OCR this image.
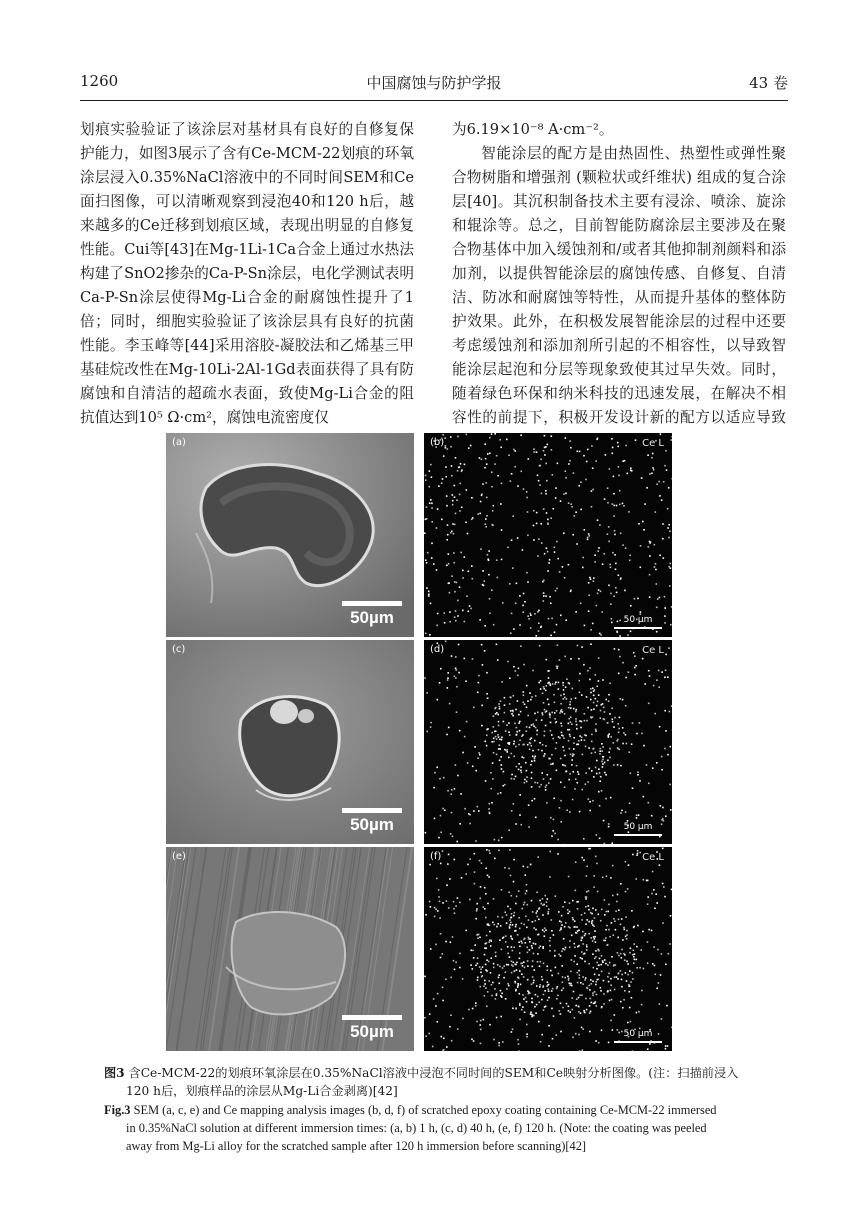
1260	中国腐蚀与防护学报	43 卷

划痕实验验证了该涂层对基材具有良好的自修复保护能力，如图3展示了含有Ce-MCM-22划痕的环氧涂层浸入0.35%NaCl溶液中的不同时间SEM和Ce面扫图像，可以清晰观察到浸泡40和120 h后，越来越多的Ce迁移到划痕区域，表现出明显的自修复性能。Cui等[43]在Mg-1Li-1Ca合金上通过水热法构建了SnO2掺杂的Ca-P-Sn涂层，电化学测试表明Ca-P-Sn涂层使得Mg-Li合金的耐腐蚀性提升了1倍；同时，细胞实验验证了该涂层具有良好的抗菌性能。李玉峰等[44]采用溶胶-凝胶法和乙烯基三甲基硅烷改性在Mg-10Li-2Al-1Gd表面获得了具有防腐蚀和自清洁的超疏水表面，致使Mg-Li合金的阻抗值达到10⁵ Ω·cm²，腐蚀电流密度仅

为6.19×10⁻⁸ A·cm⁻²。

智能涂层的配方是由热固性、热塑性或弹性聚合物树脂和增强剂 (颗粒状或纤维状) 组成的复合涂层[40]。其沉积制备技术主要有浸涂、喷涂、旋涂和辊涂等。总之，目前智能防腐涂层主要涉及在聚合物基体中加入缓蚀剂和/或者其他抑制剂颜料和添加剂，以提供智能涂层的腐蚀传感、自修复、自清洁、防冰和耐腐蚀等特性，从而提升基体的整体防护效果。此外，在积极发展智能涂层的过程中还要考虑缓蚀剂和添加剂所引起的不相容性，以导致智能涂层起泡和分层等现象致使其过早失效。同时，随着绿色环保和纳米科技的迅速发展，在解决不相容性的前提下，积极开发设计新的配方以适应导致

(a)
50µm
(b)	Ce L
50 µm
(c)
50µm
(d)	Ce L
50 µm
(e)
50µm
(f)	Ce L
50 µm
图3 含Ce-MCM-22的划痕环氧涂层在0.35%NaCl溶液中浸泡不同时间的SEM和Ce映射分析图像。(注：扫描前浸入
120 h后，划痕样品的涂层从Mg-Li合金剥离)[42]
Fig.3 SEM (a, c, e) and Ce mapping analysis images (b, d, f) of scratched epoxy coating containing Ce-MCM-22 immersed
in 0.35%NaCl solution at different immersion times: (a, b) 1 h, (c, d) 40 h, (e, f) 120 h. (Note: the coating was peeled
away from Mg-Li alloy for the scratched sample after 120 h immersion before scanning)[42]
